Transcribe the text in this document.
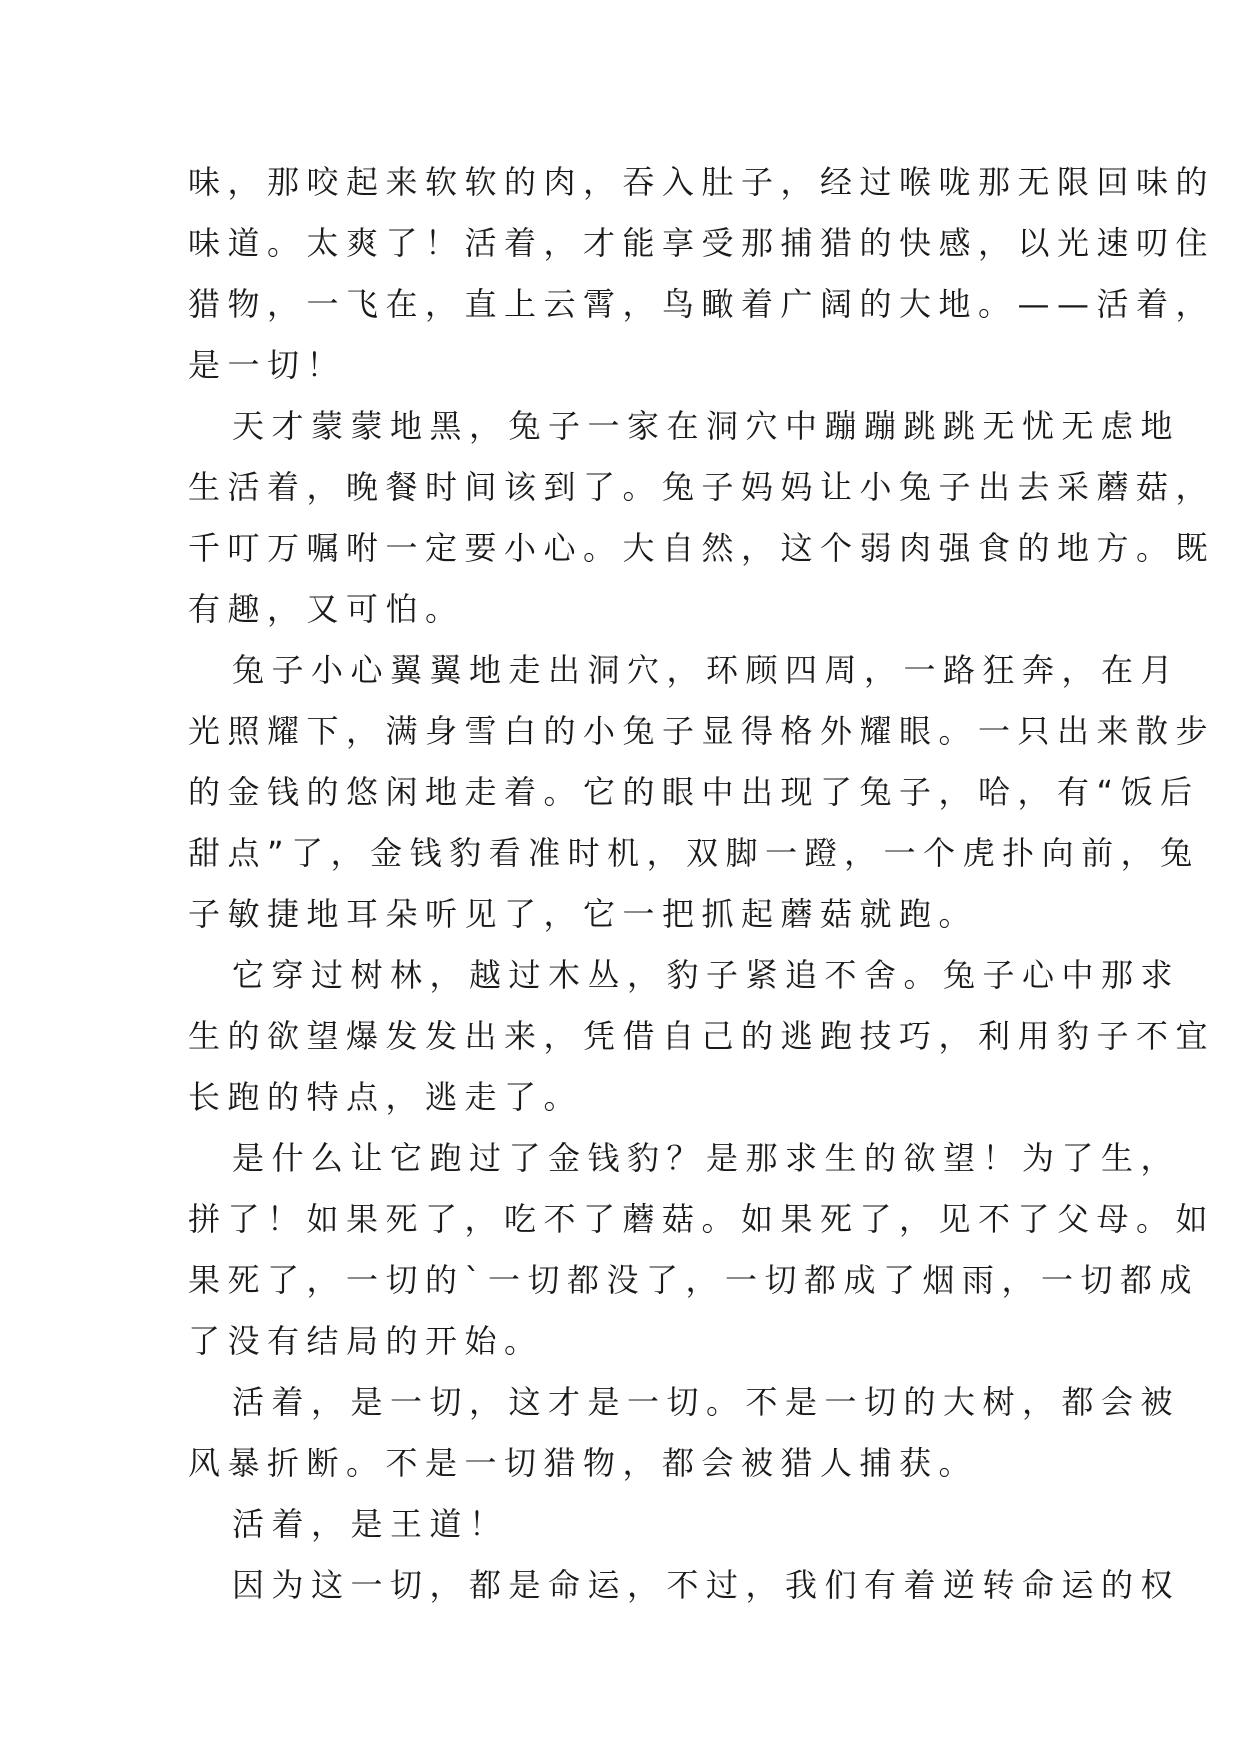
味，那咬起来软软的肉，吞入肚子，经过喉咙那无限回味的
味道。太爽了！活着，才能享受那捕猎的快感，以光速叨住
猎物，一飞在，直上云霄，鸟瞰着广阔的大地。——活着，
是一切！
天才蒙蒙地黑，兔子一家在洞穴中蹦蹦跳跳无忧无虑地
生活着，晚餐时间该到了。兔子妈妈让小兔子出去采蘑菇，
千叮万嘱咐一定要小心。大自然，这个弱肉强食的地方。既
有趣，又可怕。
兔子小心翼翼地走出洞穴，环顾四周，一路狂奔，在月
光照耀下，满身雪白的小兔子显得格外耀眼。一只出来散步
的金钱的悠闲地走着。它的眼中出现了兔子，哈，有“饭后
甜点”了，金钱豹看准时机，双脚一蹬，一个虎扑向前，兔
子敏捷地耳朵听见了，它一把抓起蘑菇就跑。
它穿过树林，越过木丛，豹子紧追不舍。兔子心中那求
生的欲望爆发发出来，凭借自己的逃跑技巧，利用豹子不宜
长跑的特点，逃走了。
是什么让它跑过了金钱豹？是那求生的欲望！为了生，
拼了！如果死了，吃不了蘑菇。如果死了，见不了父母。如
果死了，一切的`一切都没了，一切都成了烟雨，一切都成
了没有结局的开始。
活着，是一切，这才是一切。不是一切的大树，都会被
风暴折断。不是一切猎物，都会被猎人捕获。
活着，是王道！
因为这一切，都是命运，不过，我们有着逆转命运的权
